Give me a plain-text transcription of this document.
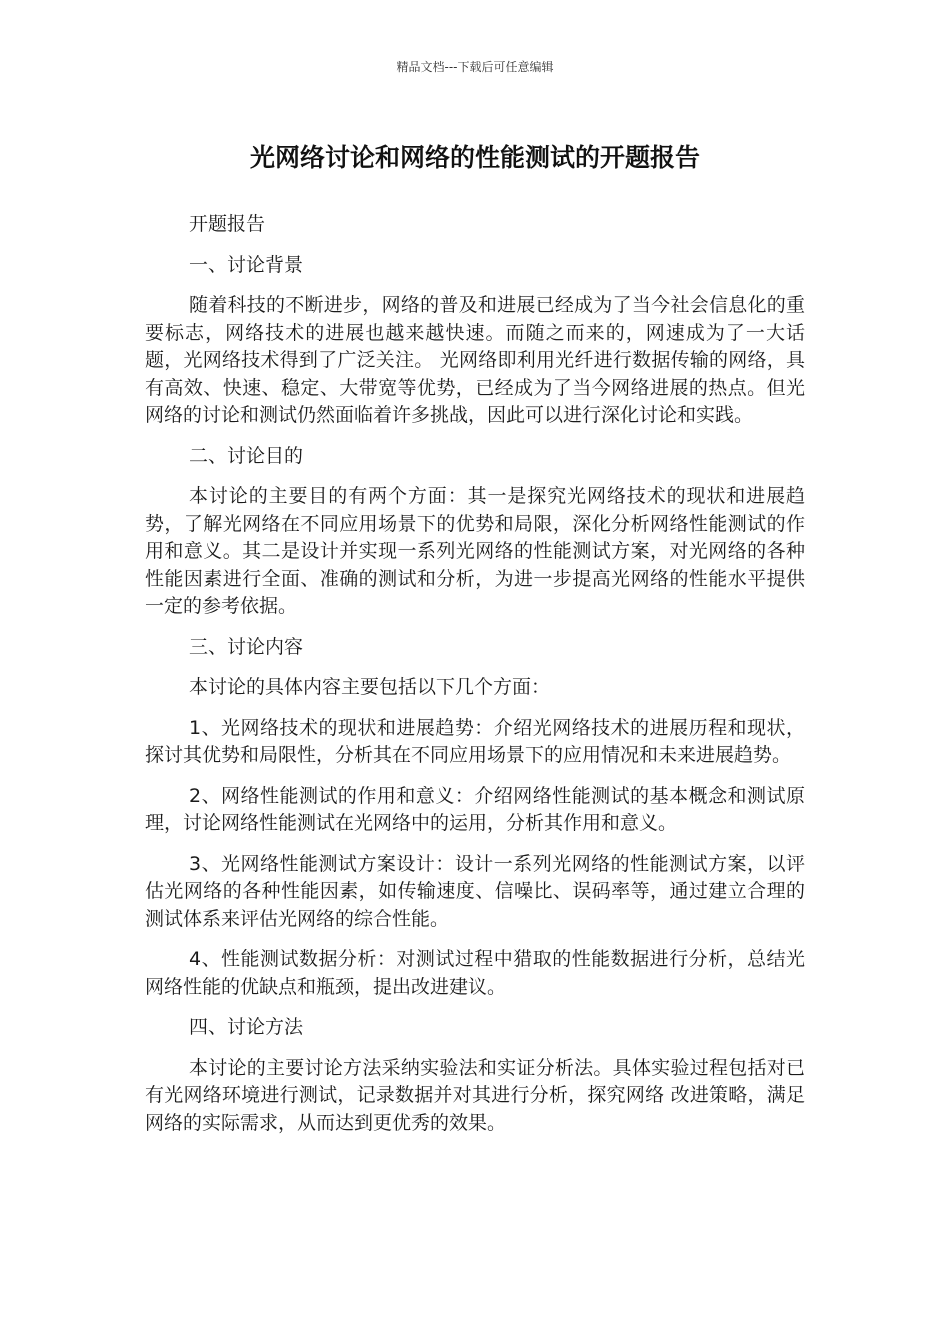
精品文档---下载后可任意编辑
光网络讨论和网络的性能测试的开题报告

开题报告

一、讨论背景

随着科技的不断进步，网络的普及和进展已经成为了当今社会信息化的重要标志，网络技术的进展也越来越快速。而随之而来的，网速成为了一大话题，光网络技术得到了广泛关注。 光网络即利用光纤进行数据传输的网络，具有高效、快速、稳定、大带宽等优势，已经成为了当今网络进展的热点。但光网络的讨论和测试仍然面临着许多挑战，因此可以进行深化讨论和实践。

二、讨论目的

本讨论的主要目的有两个方面：其一是探究光网络技术的现状和进展趋势，了解光网络在不同应用场景下的优势和局限，深化分析网络性能测试的作用和意义。其二是设计并实现一系列光网络的性能测试方案，对光网络的各种性能因素进行全面、准确的测试和分析，为进一步提高光网络的性能水平提供一定的参考依据。

三、讨论内容

本讨论的具体内容主要包括以下几个方面：

1、光网络技术的现状和进展趋势：介绍光网络技术的进展历程和现状，探讨其优势和局限性，分析其在不同应用场景下的应用情况和未来进展趋势。

2、网络性能测试的作用和意义：介绍网络性能测试的基本概念和测试原理，讨论网络性能测试在光网络中的运用，分析其作用和意义。

3、光网络性能测试方案设计：设计一系列光网络的性能测试方案，以评估光网络的各种性能因素，如传输速度、信噪比、误码率等，通过建立合理的测试体系来评估光网络的综合性能。

4、性能测试数据分析：对测试过程中猎取的性能数据进行分析，总结光网络性能的优缺点和瓶颈，提出改进建议。

四、讨论方法

本讨论的主要讨论方法采纳实验法和实证分析法。具体实验过程包括对已有光网络环境进行测试，记录数据并对其进行分析，探究网络 改进策略，满足网络的实际需求，从而达到更优秀的效果。
